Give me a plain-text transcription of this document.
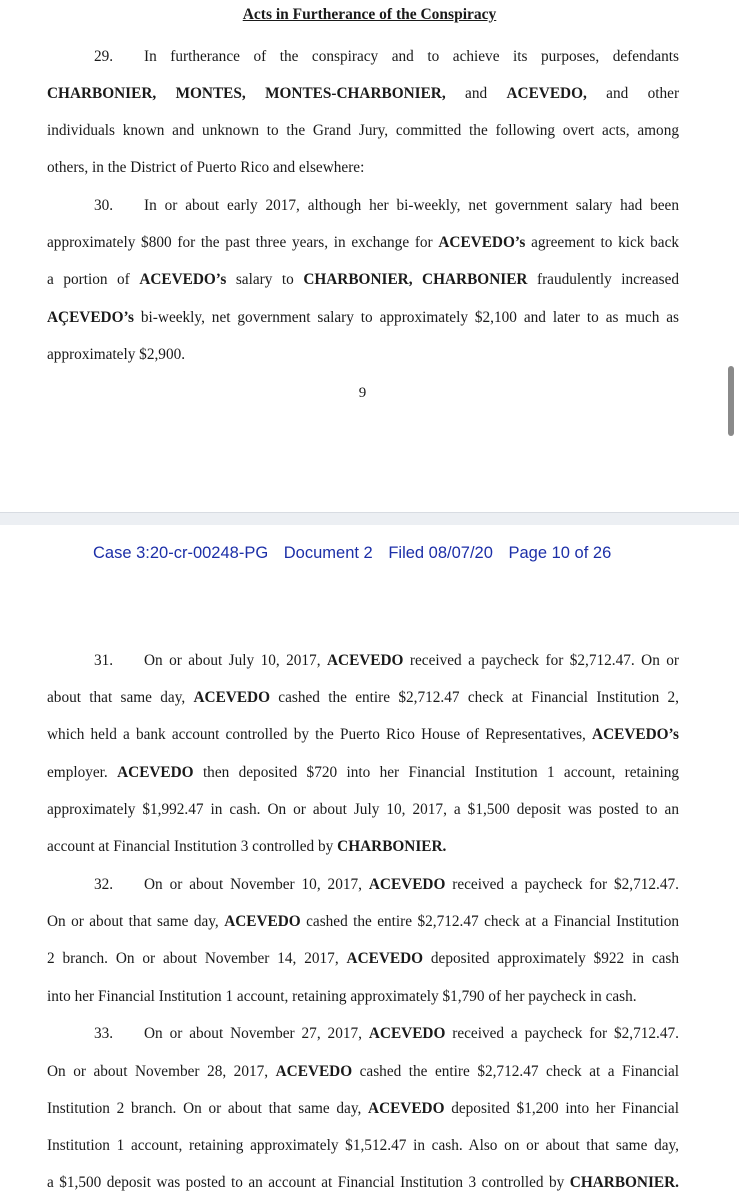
Acts in Furtherance of the Conspiracy
29. In furtherance of the conspiracy and to achieve its purposes, defendants
CHARBONIER, MONTES, MONTES-CHARBONIER, and ACEVEDO, and other
individuals known and unknown to the Grand Jury, committed the following overt acts, among
others, in the District of Puerto Rico and elsewhere:
30. In or about early 2017, although her bi-weekly, net government salary had been
approximately $800 for the past three years, in exchange for ACEVEDO’s agreement to kick back
a portion of ACEVEDO’s salary to CHARBONIER, CHARBONIER fraudulently increased
AÇEVEDO’s bi-weekly, net government salary to approximately $2,100 and later to as much as
approximately $2,900.
9
Case 3:20-cr-00248-PG Document 2 Filed 08/07/20 Page 10 of 26
31. On or about July 10, 2017, ACEVEDO received a paycheck for $2,712.47. On or
about that same day, ACEVEDO cashed the entire $2,712.47 check at Financial Institution 2,
which held a bank account controlled by the Puerto Rico House of Representatives, ACEVEDO’s
employer. ACEVEDO then deposited $720 into her Financial Institution 1 account, retaining
approximately $1,992.47 in cash. On or about July 10, 2017, a $1,500 deposit was posted to an
account at Financial Institution 3 controlled by CHARBONIER.
32. On or about November 10, 2017, ACEVEDO received a paycheck for $2,712.47.
On or about that same day, ACEVEDO cashed the entire $2,712.47 check at a Financial Institution
2 branch. On or about November 14, 2017, ACEVEDO deposited approximately $922 in cash
into her Financial Institution 1 account, retaining approximately $1,790 of her paycheck in cash.
33. On or about November 27, 2017, ACEVEDO received a paycheck for $2,712.47.
On or about November 28, 2017, ACEVEDO cashed the entire $2,712.47 check at a Financial
Institution 2 branch. On or about that same day, ACEVEDO deposited $1,200 into her Financial
Institution 1 account, retaining approximately $1,512.47 in cash. Also on or about that same day,
a $1,500 deposit was posted to an account at Financial Institution 3 controlled by CHARBONIER.
